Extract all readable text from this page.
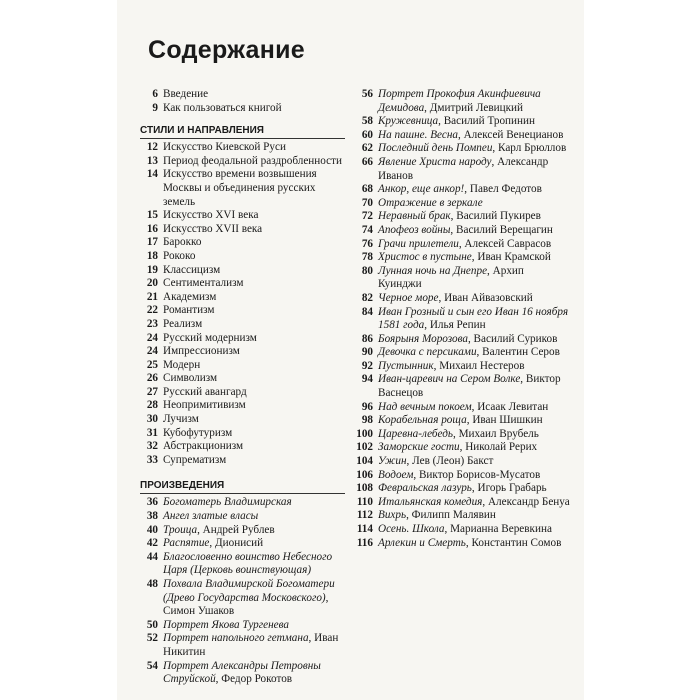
Содержание
6 Введение
9 Как пользоваться книгой
СТИЛИ И НАПРАВЛЕНИЯ
12 Искусство Киевской Руси
13 Период феодальной раздробленности
14 Искусство времени возвышения Москвы и объединения русских земель
15 Искусство XVI века
16 Искусство XVII века
17 Барокко
18 Рококо
19 Классицизм
20 Сентиментализм
21 Академизм
22 Романтизм
23 Реализм
24 Русский модернизм
24 Импрессионизм
25 Модерн
26 Символизм
27 Русский авангард
28 Неопримитивизм
30 Лучизм
31 Кубофутуризм
32 Абстракционизм
33 Супрематизм
ПРОИЗВЕДЕНИЯ
36 Богоматерь Владимирская
38 Ангел златые власы
40 Троица, Андрей Рублев
42 Распятие, Дионисий
44 Благословенно воинство Небесного Царя (Церковь воинствующая)
48 Похвала Владимирской Богоматери (Древо Государства Московского), Симон Ушаков
50 Портрет Якова Тургенева
52 Портрет напольного гетмана, Иван Никитин
54 Портрет Александры Петровны Струйской, Федор Рокотов
56 Портрет Прокофия Акинфиевича Демидова, Дмитрий Левицкий
58 Кружевница, Василий Тропинин
60 На пашне. Весна, Алексей Венецианов
62 Последний день Помпеи, Карл Брюллов
66 Явление Христа народу, Александр Иванов
68 Анкор, еще анкор!, Павел Федотов
70 Отражение в зеркале
72 Неравный брак, Василий Пукирев
74 Апофеоз войны, Василий Верещагин
76 Грачи прилетели, Алексей Саврасов
78 Христос в пустыне, Иван Крамской
80 Лунная ночь на Днепре, Архип Куинджи
82 Черное море, Иван Айвазовский
84 Иван Грозный и сын его Иван 16 ноября 1581 года, Илья Репин
86 Боярыня Морозова, Василий Суриков
90 Девочка с персиками, Валентин Серов
92 Пустынник, Михаил Нестеров
94 Иван-царевич на Сером Волке, Виктор Васнецов
96 Над вечным покоем, Исаак Левитан
98 Корабельная роща, Иван Шишкин
100 Царевна-лебедь, Михаил Врубель
102 Заморские гости, Николай Рерих
104 Ужин, Лев (Леон) Бакст
106 Водоем, Виктор Борисов-Мусатов
108 Февральская лазурь, Игорь Грабарь
110 Итальянская комедия, Александр Бенуа
112 Вихрь, Филипп Малявин
114 Осень. Школа, Марианна Веревкина
116 Арлекин и Смерть, Константин Сомов
